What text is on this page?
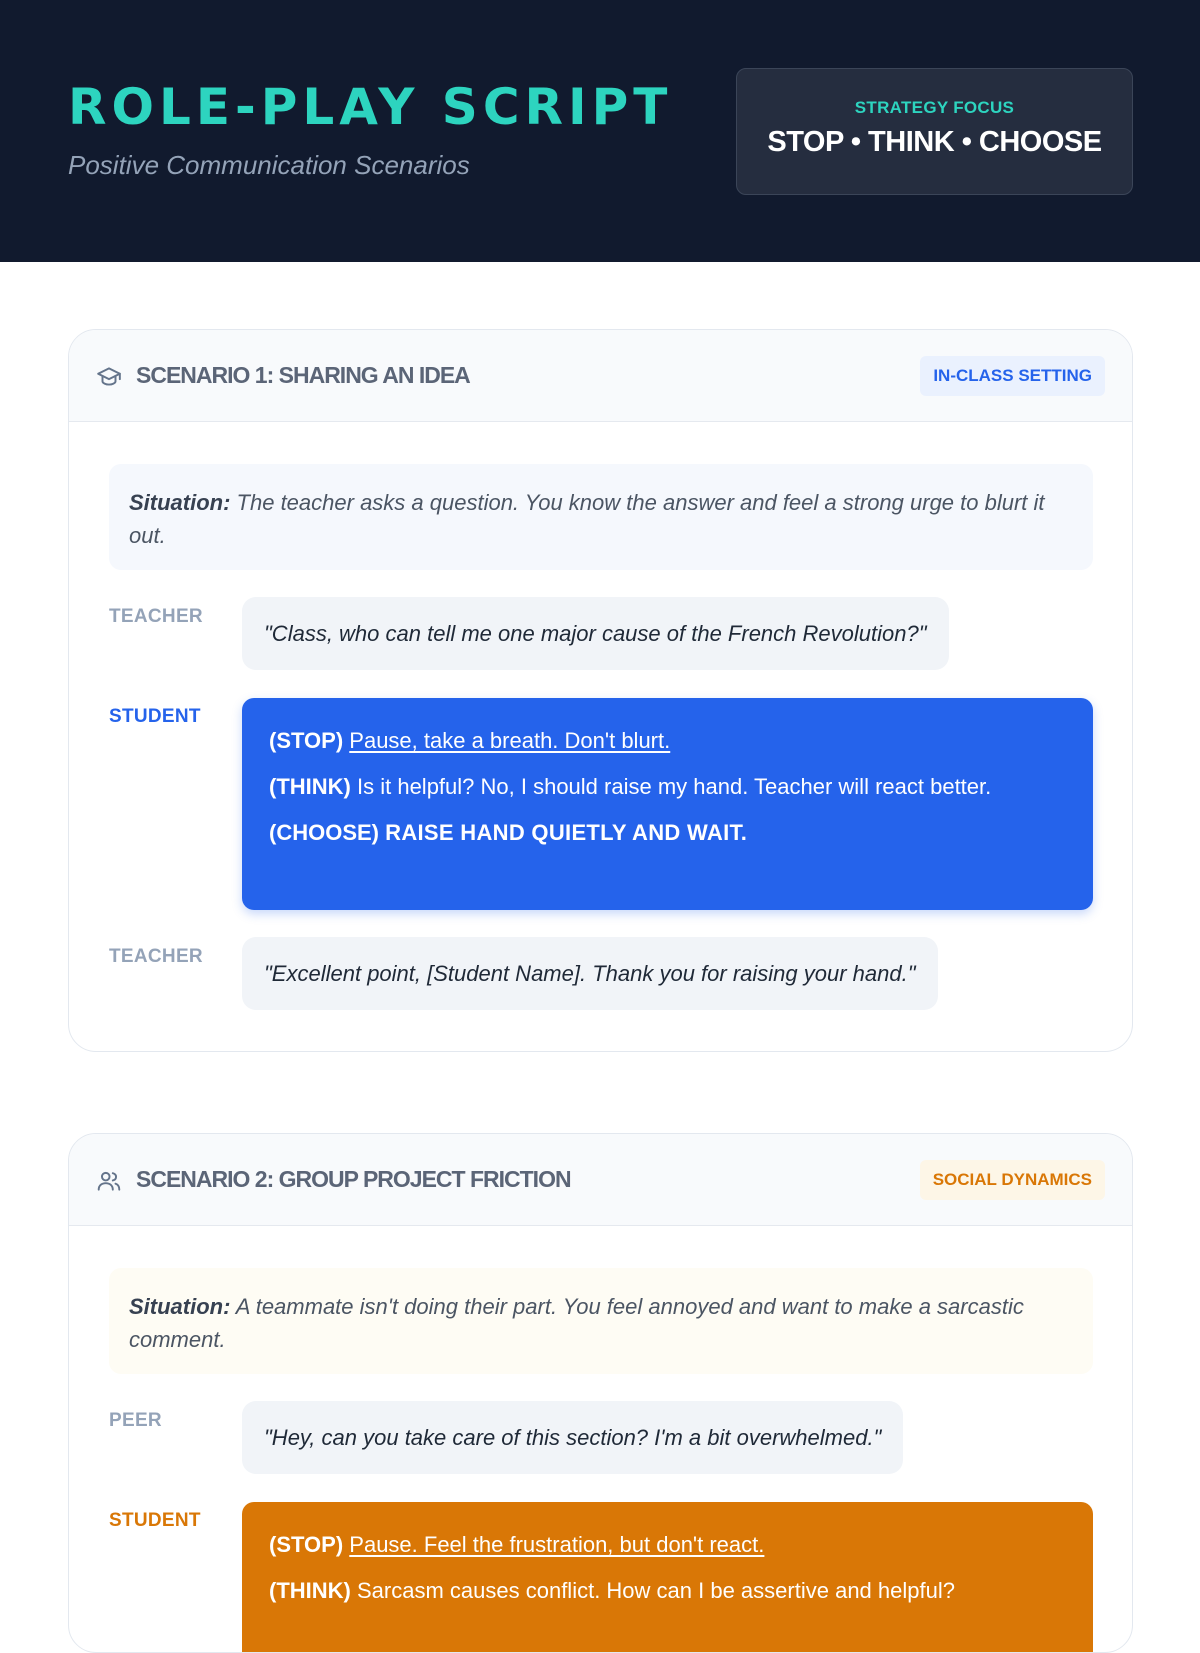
ROLE-PLAY SCRIPT
Positive Communication Scenarios
STRATEGY FOCUS
STOP • THINK • CHOOSE
SCENARIO 1: SHARING AN IDEA	IN-CLASS SETTING
Situation: The teacher asks a question. You know the answer and feel a strong urge to blurt it out.
TEACHER
"Class, who can tell me one major cause of the French Revolution?"
STUDENT

(STOP) Pause, take a breath. Don't blurt.

(THINK) Is it helpful? No, I should raise my hand. Teacher will react better.

(CHOOSE) RAISE HAND QUIETLY AND WAIT.

TEACHER
"Excellent point, [Student Name]. Thank you for raising your hand."
SCENARIO 2: GROUP PROJECT FRICTION	SOCIAL DYNAMICS
Situation: A teammate isn't doing their part. You feel annoyed and want to make a sarcastic comment.
PEER
"Hey, can you take care of this section? I'm a bit overwhelmed."
STUDENT

(STOP) Pause. Feel the frustration, but don't react.

(THINK) Sarcasm causes conflict. How can I be assertive and helpful?
